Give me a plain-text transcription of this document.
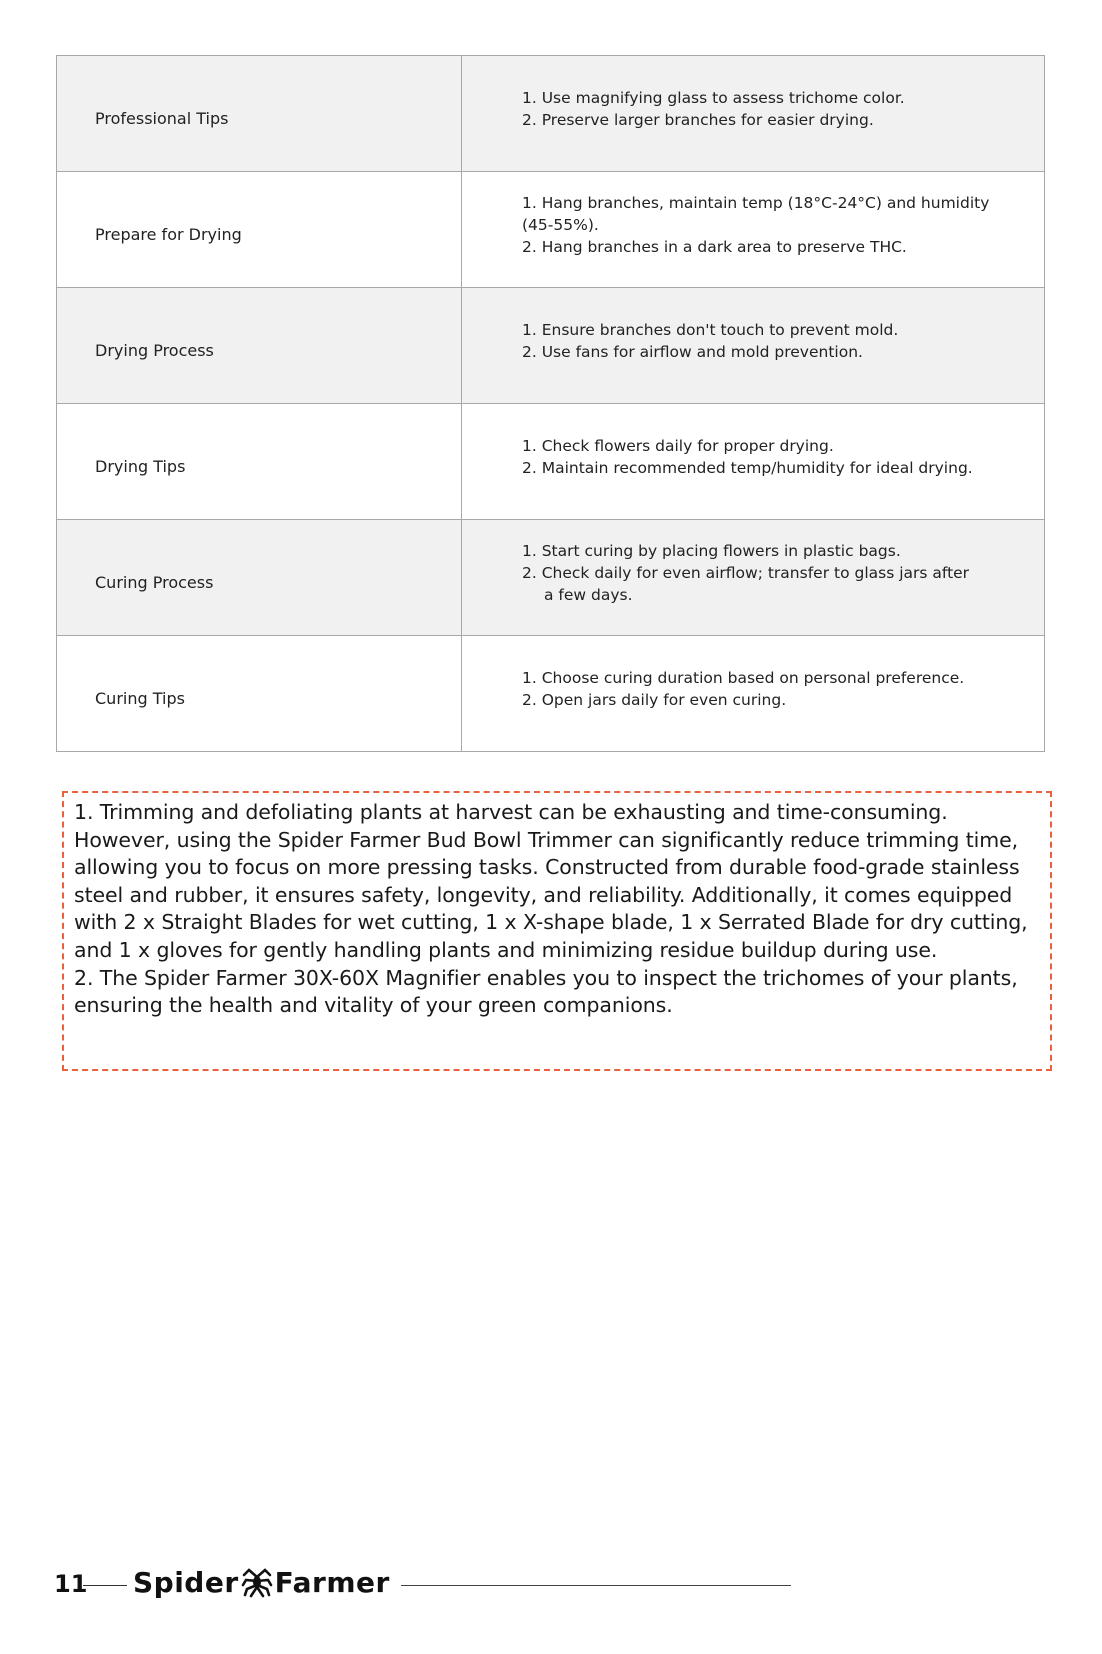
Professional Tips	1. Use magnifying glass to assess trichome color.
2. Preserve larger branches for easier drying.

Prepare for Drying	1. Hang branches, maintain temp (18°C-24°C) and humidity
(45-55%).
2. Hang branches in a dark area to preserve THC.

Drying Process	1. Ensure branches don't touch to prevent mold.
2. Use fans for airflow and mold prevention.

Drying Tips	1. Check flowers daily for proper drying.
2. Maintain recommended temp/humidity for ideal drying.

Curing Process	1. Start curing by placing flowers in plastic bags.
2. Check daily for even airflow; transfer to glass jars after
a few days.

Curing Tips	1. Choose curing duration based on personal preference.
2. Open jars daily for even curing.
1. Trimming and defoliating plants at harvest can be exhausting and time-consuming. However, using the Spider Farmer Bud Bowl Trimmer can significantly reduce trimming time, allowing you to focus on more pressing tasks. Constructed from durable food-grade stainless steel and rubber, it ensures safety, longevity, and reliability. Additionally, it comes equipped with 2 x Straight Blades for wet cutting, 1 x X-shape blade, 1 x Serrated Blade for dry cutting, and 1 x gloves for gently handling plants and minimizing residue buildup during use.
2. The Spider Farmer 30X-60X Magnifier enables you to inspect the trichomes of your plants, ensuring the health and vitality of your green companions.
11 Spider Farmer
